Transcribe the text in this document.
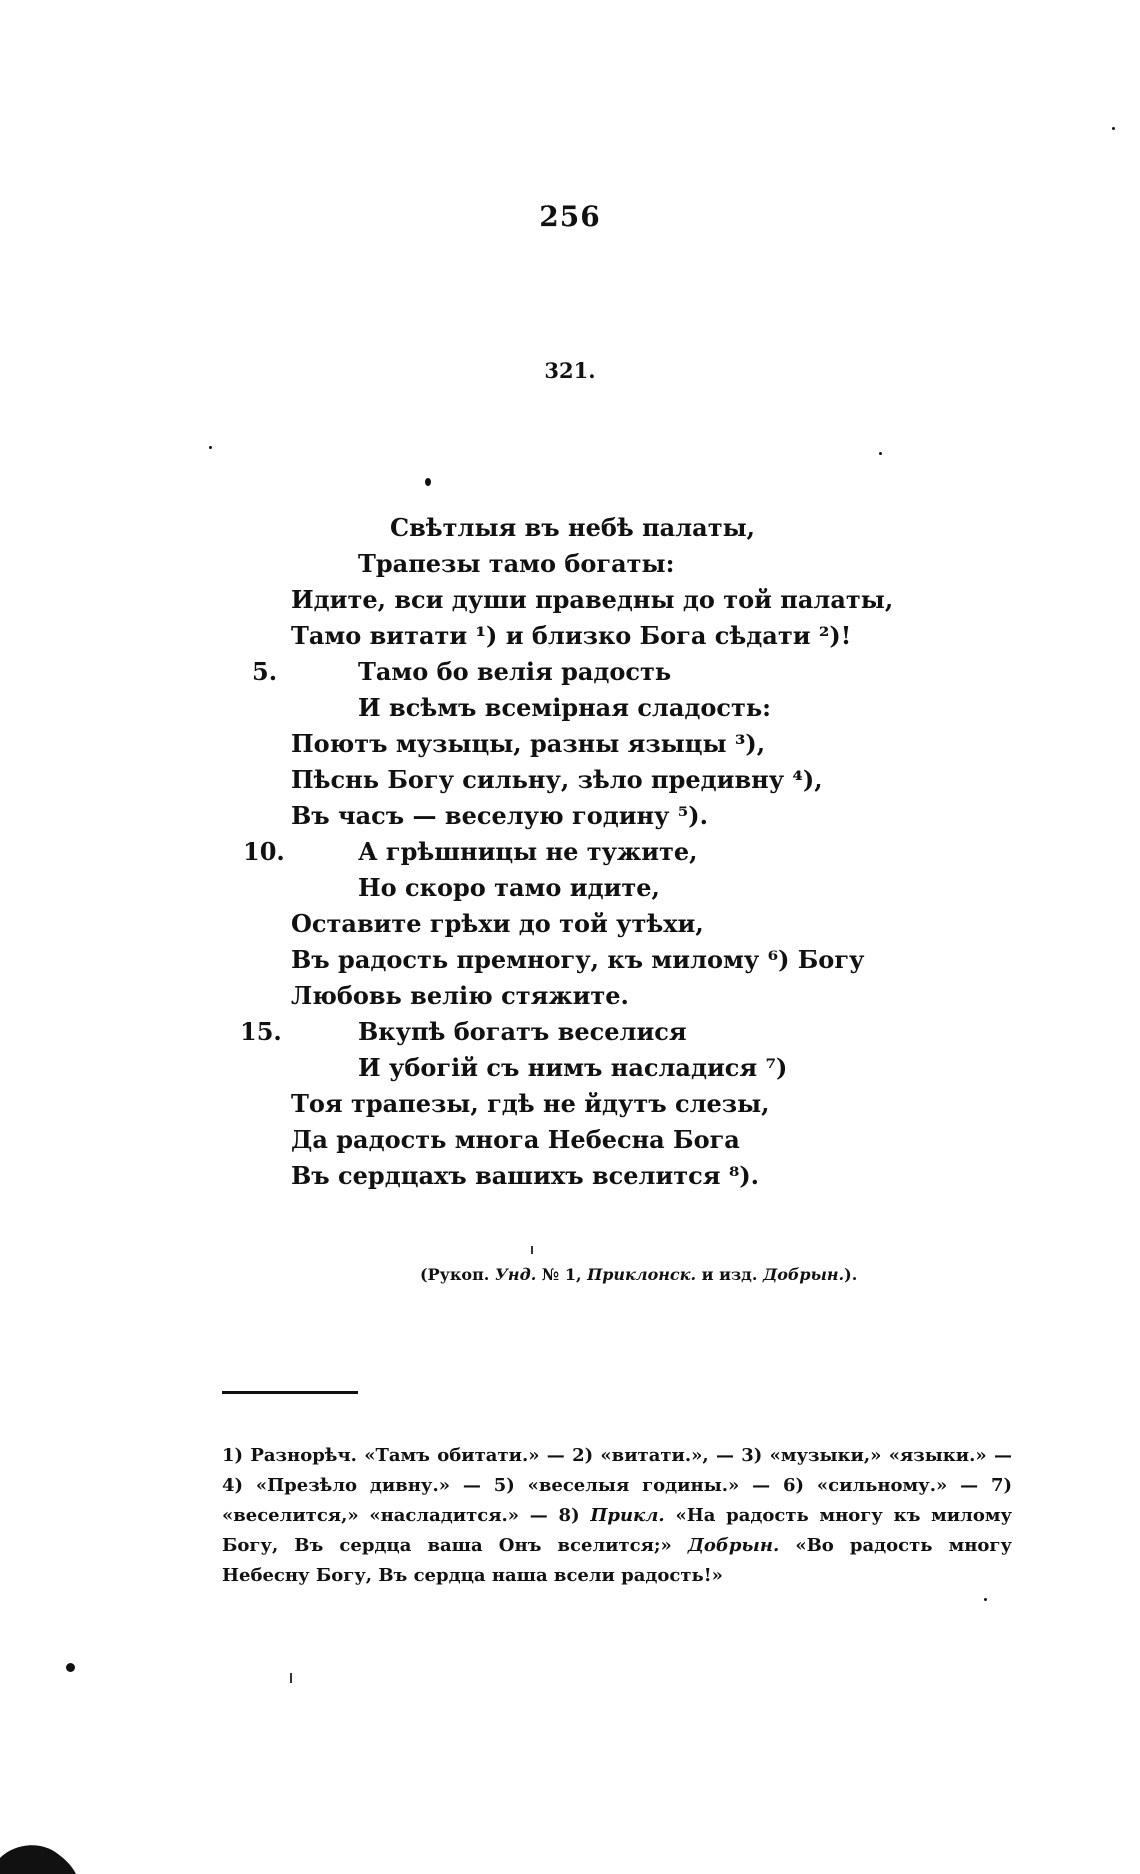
256
321.
Свѣтлыя въ небѣ палаты,
Трапезы тамо богаты:
Идите, вси души праведны до той палаты,
Тамо витати ¹) и близко Бога сѣдати ²)!
5.	Тамо бо велія радость
И всѣмъ всемірная сладость:
Поютъ музыцы, разны языцы ³),
Пѣснь Богу сильну, зѣло предивну ⁴),
Въ часъ — веселую годину ⁵).
10.	А грѣшницы не тужите,
Но скоро тамо идите,
Оставите грѣхи до той утѣхи,
Въ радость премногу, къ милому ⁶) Богу
Любовь велію стяжите.
15.	Вкупѣ богатъ веселися
И убогій съ нимъ насладися ⁷)
Тоя трапезы, гдѣ не йдутъ слезы,
Да радость многа Небесна Бога
Въ сердцахъ вашихъ вселится ⁸).
(Рукоп. Унд. № 1, Приклонск. и изд. Добрын.).
1) Разнорѣч. «Тамъ обитати.» — 2) «витати.», — 3) «музыки,» «языки.» — 4) «Презѣло дивну.» — 5) «веселыя годины.» — 6) «сильному.» — 7) «веселится,» «насладится.» — 8) Прикл. «На радость многу къ милому Богу, Въ сердца ваша Онъ вселится;» Добрын. «Во радость многу Небесну Богу, Въ сердца наша всели радость!»
